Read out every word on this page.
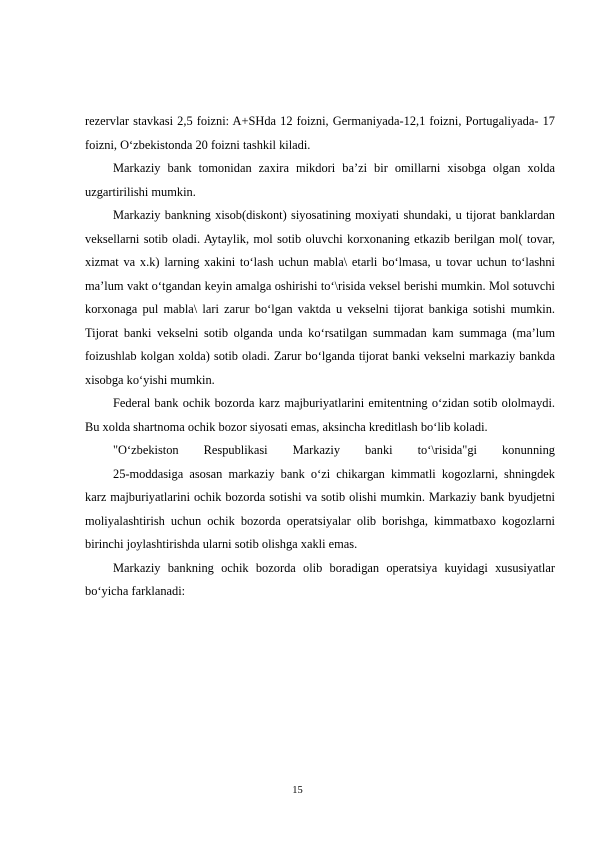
rezervlar stavkasi 2,5 foizni: A+SHda 12 foizni, Germaniyada-12,1 foizni, Portugaliyada- 17 foizni, O‘zbekistonda 20 foizni tashkil kiladi.

Markaziy bank tomonidan zaxira mikdori ba’zi bir omillarni xisobga olgan xolda uzgartirilishi mumkin.

Markaziy bankning xisob(diskont) siyosatining moxiyati shundaki, u tijorat banklardan veksellarni sotib oladi. Aytaylik, mol sotib oluvchi korxonaning etkazib berilgan mol( tovar, xizmat va x.k) larning xakini to‘lash uchun mabla\ etarli bo‘lmasa, u tovar uchun to‘lashni ma’lum vakt o‘tgandan keyin amalga oshirishi to‘\risida veksel berishi mumkin. Mol sotuvchi korxonaga pul mabla\ lari zarur bo‘lgan vaktda u vekselni tijorat bankiga sotishi mumkin. Tijorat banki vekselni sotib olganda unda ko‘rsatilgan summadan kam summaga (ma’lum foizushlab kolgan xolda) sotib oladi. Zarur bo‘lganda tijorat banki vekselni markaziy bankda xisobga ko‘yishi mumkin.

Federal bank ochik bozorda karz majburiyatlarini emitentning o‘zidan sotib ololmaydi. Bu xolda shartnoma ochik bozor siyosati emas, aksincha kreditlash bo‘lib koladi.

"O‘zbekiston Respublikasi Markaziy banki to‘\risida"gi konunning

25-moddasiga asosan markaziy bank o‘zi chikargan kimmatli kogozlarni, shningdek karz majburiyatlarini ochik bozorda sotishi va sotib olishi mumkin. Markaziy bank byudjetni moliyalashtirish uchun ochik bozorda operatsiyalar olib borishga, kimmatbaxo kogozlarni birinchi joylashtirishda ularni sotib olishga xakli emas.

Markaziy bankning ochik bozorda olib boradigan operatsiya kuyidagi xususiyatlar bo‘yicha farklanadi:

15
